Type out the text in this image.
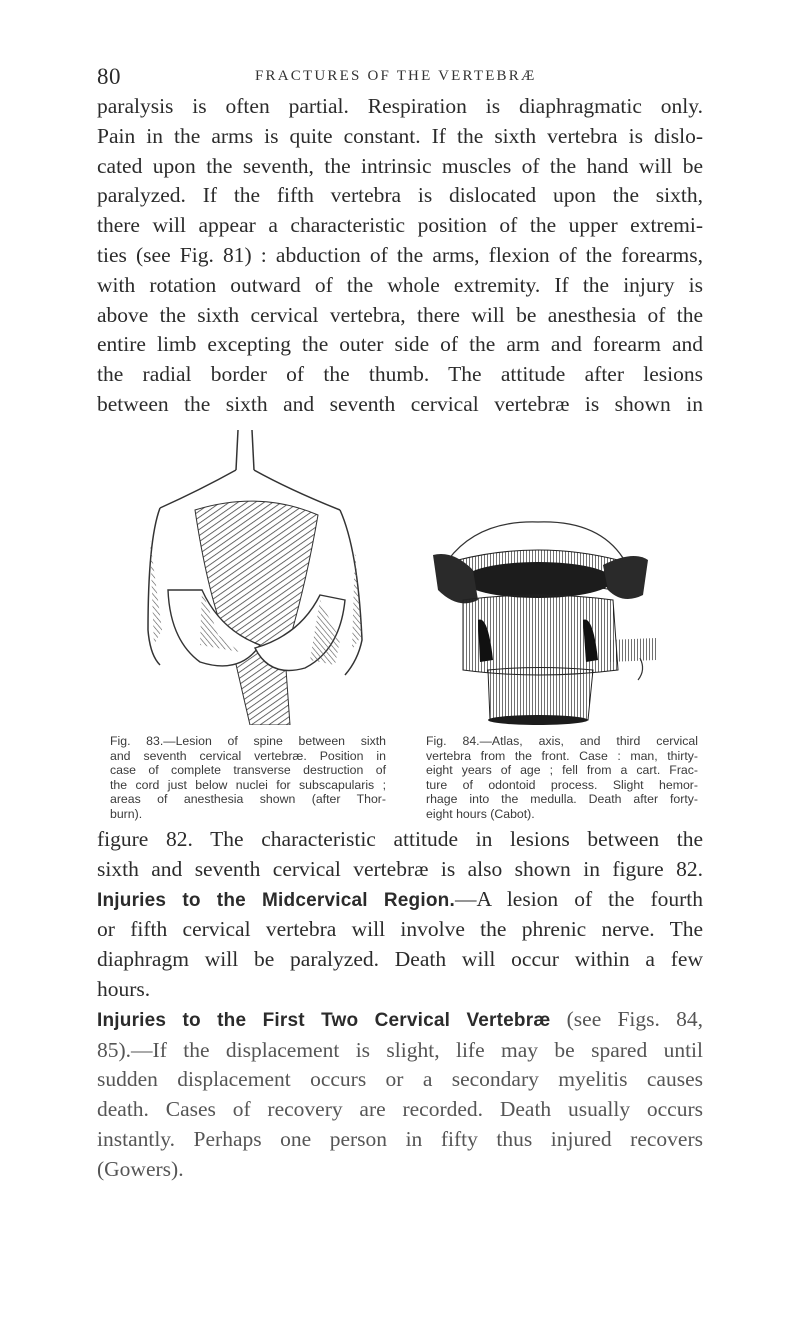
80	FRACTURES OF THE VERTEBRÆ
paralysis is often partial. Respiration is diaphragmatic only.
Pain in the arms is quite constant. If the sixth vertebra is dislo-
cated upon the seventh, the intrinsic muscles of the hand will be
paralyzed. If the fifth vertebra is dislocated upon the sixth,
there will appear a characteristic position of the upper extremi-
ties (see Fig. 81) : abduction of the arms, flexion of the forearms,
with rotation outward of the whole extremity. If the injury is
above the sixth cervical vertebra, there will be anesthesia of the
entire limb excepting the outer side of the arm and forearm and
the radial border of the thumb. The attitude after lesions
between the sixth and seventh cervical vertebræ is shown in
Fig. 83.—Lesion of spine between sixth
and seventh cervical vertebræ. Position in
case of complete transverse destruction of
the cord just below nuclei for subscapularis ;
areas of anesthesia shown (after Thor-
burn).
Fig. 84.—Atlas, axis, and third cervical
vertebra from the front. Case : man, thirty-
eight years of age ; fell from a cart. Frac-
ture of odontoid process. Slight hemor-
rhage into the medulla. Death after forty-
eight hours (Cabot).
figure 82. The characteristic attitude in lesions between the
sixth and seventh cervical vertebræ is also shown in figure 82.
Injuries to the Midcervical Region.—A lesion of the fourth
or fifth cervical vertebra will involve the phrenic nerve. The
diaphragm will be paralyzed. Death will occur within a few
hours.
Injuries to the First Two Cervical Vertebræ (see Figs. 84,
85).—If the displacement is slight, life may be spared until
sudden displacement occurs or a secondary myelitis causes
death. Cases of recovery are recorded. Death usually occurs
instantly. Perhaps one person in fifty thus injured recovers
(Gowers).
